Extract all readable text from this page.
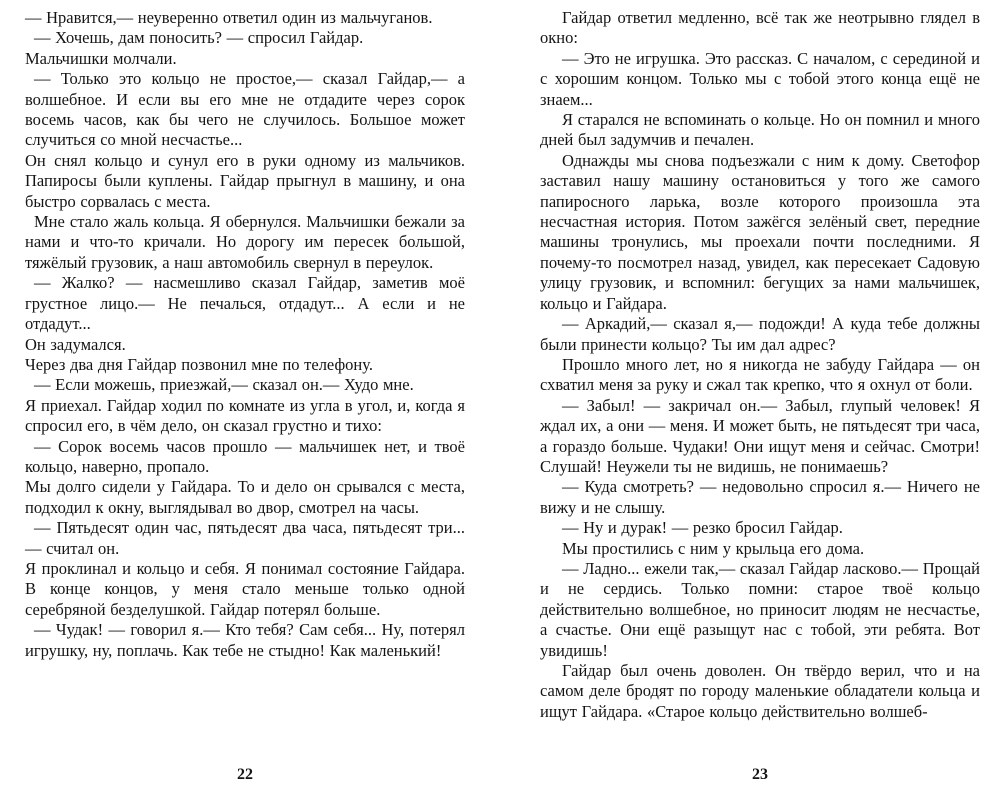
— Нравится,— неуверенно ответил один из мальчуганов.

— Хочешь, дам поносить? — спросил Гайдар.

Мальчишки молчали.

— Только это кольцо не простое,— сказал Гайдар,— а волшебное. И если вы его мне не отдадите через сорок восемь часов, как бы чего не случилось. Большое может случиться со мной несчастье...

Он снял кольцо и сунул его в руки одному из мальчиков. Папиросы были куплены. Гайдар прыгнул в машину, и она быстро сорвалась с места.

Мне стало жаль кольца. Я обернулся. Мальчишки бежали за нами и что-то кричали. Но дорогу им пересек большой, тяжёлый грузовик, а наш автомобиль свернул в переулок.

— Жалко? — насмешливо сказал Гайдар, заметив моё грустное лицо.— Не печалься, отдадут... А если и не отдадут...

Он задумался.

Через два дня Гайдар позвонил мне по телефону.

— Если можешь, приезжай,— сказал он.— Худо мне.

Я приехал. Гайдар ходил по комнате из угла в угол, и, когда я спросил его, в чём дело, он сказал грустно и тихо:

— Сорок восемь часов прошло — мальчишек нет, и твоё кольцо, наверно, пропало.

Мы долго сидели у Гайдара. То и дело он срывался с места, подходил к окну, выглядывал во двор, смотрел на часы.

— Пятьдесят один час, пятьдесят два часа, пятьдесят три...— считал он.

Я проклинал и кольцо и себя. Я понимал состояние Гайдара. В конце концов, у меня стало меньше только одной серебряной безделушкой. Гайдар потерял больше.

— Чудак! — говорил я.— Кто тебя? Сам себя... Ну, потерял игрушку, ну, поплачь. Как тебе не стыдно! Как маленький!

22

Гайдар ответил медленно, всё так же неотрывно глядел в окно:

— Это не игрушка. Это рассказ. С началом, с серединой и с хорошим концом. Только мы с тобой этого конца ещё не знаем...

Я старался не вспоминать о кольце. Но он помнил и много дней был задумчив и печален.

Однажды мы снова подъезжали с ним к дому. Светофор заставил нашу машину остановиться у того же самого папиросного ларька, возле которого произошла эта несчастная история. Потом зажёгся зелёный свет, передние машины тронулись, мы проехали почти последними. Я почему-то посмотрел назад, увидел, как пересекает Садовую улицу грузовик, и вспомнил: бегущих за нами мальчишек, кольцо и Гайдара.

— Аркадий,— сказал я,— подожди! А куда тебе должны были принести кольцо? Ты им дал адрес?

Прошло много лет, но я никогда не забуду Гайдара — он схватил меня за руку и сжал так крепко, что я охнул от боли.

— Забыл! — закричал он.— Забыл, глупый человек! Я ждал их, а они — меня. И может быть, не пятьдесят три часа, а гораздо больше. Чудаки! Они ищут меня и сейчас. Смотри! Слушай! Неужели ты не видишь, не понимаешь?

— Куда смотреть? — недовольно спросил я.— Ничего не вижу и не слышу.

— Ну и дурак! — резко бросил Гайдар.

Мы простились с ним у крыльца его дома.

— Ладно... ежели так,— сказал Гайдар ласково.— Прощай и не сердись. Только помни: старое твоё кольцо действительно волшебное, но приносит людям не несчастье, а счастье. Они ещё разыщут нас с тобой, эти ребята. Вот увидишь!

Гайдар был очень доволен. Он твёрдо верил, что и на самом деле бродят по городу маленькие обладатели кольца и ищут Гайдара. «Старое кольцо действительно волшеб-

23
